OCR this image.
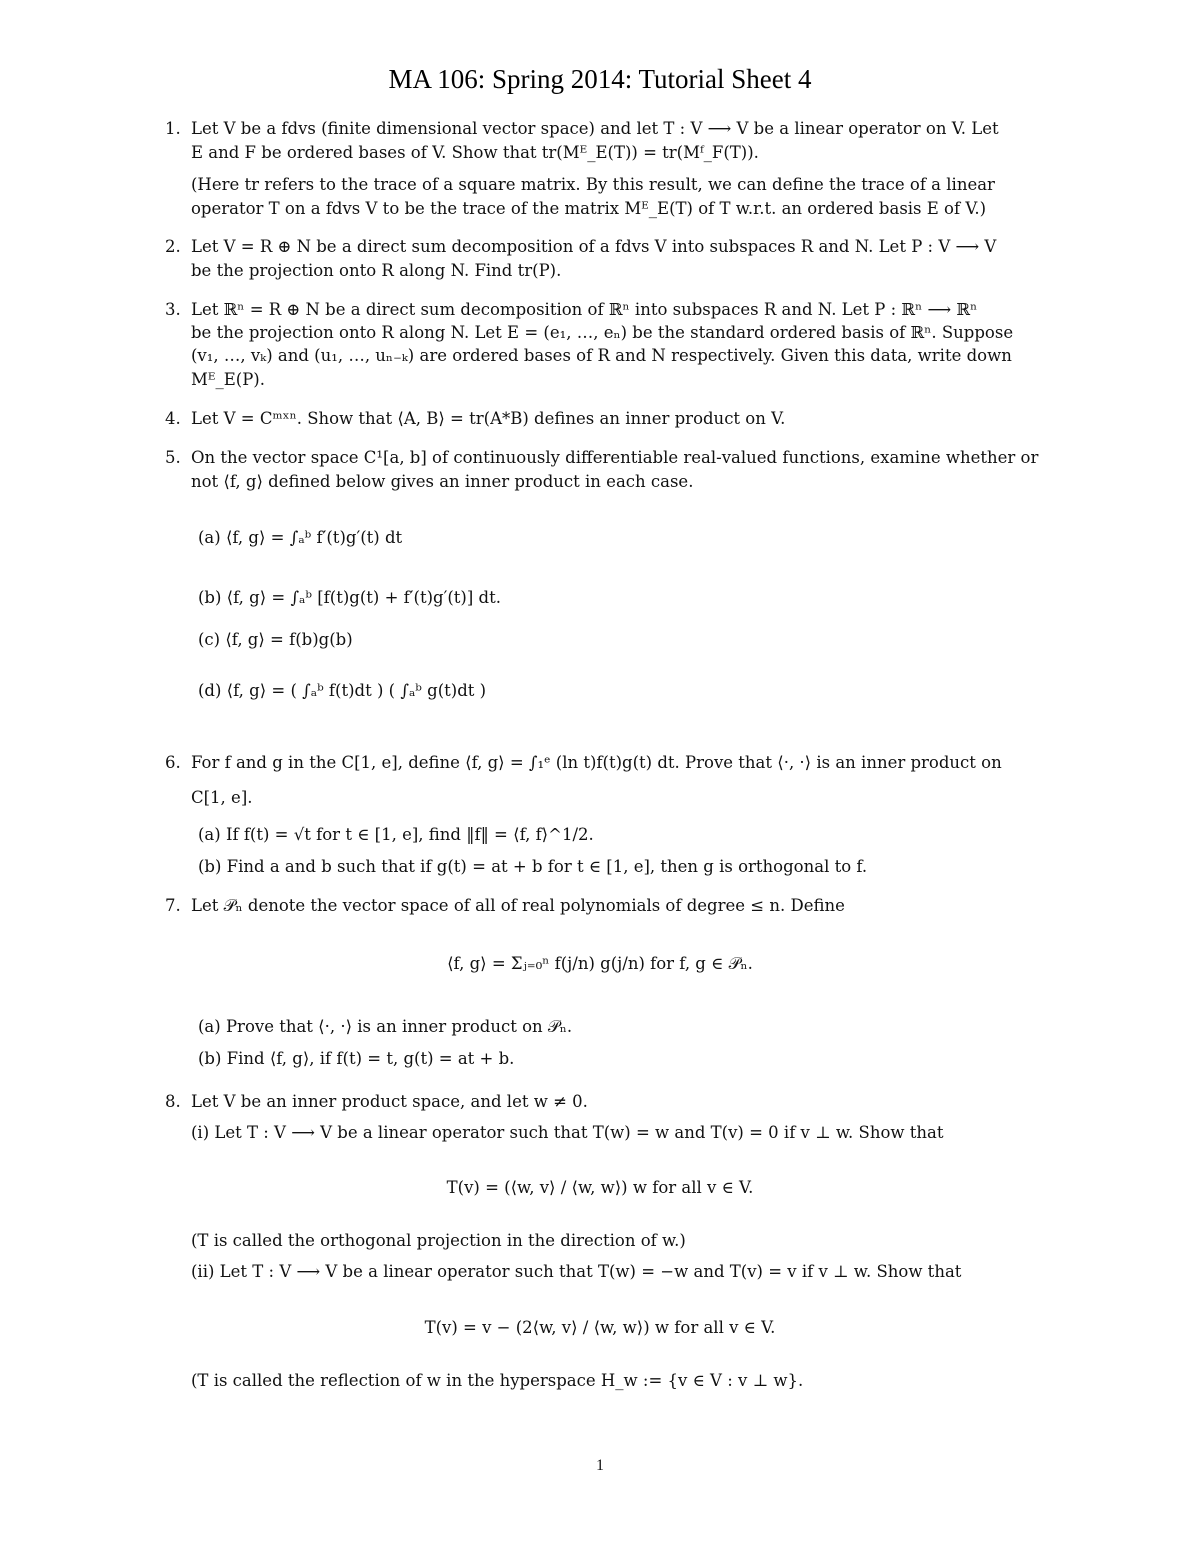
MA 106: Spring 2014: Tutorial Sheet 4
1. Let V be a fdvs (finite dimensional vector space) and let T : V ⟶ V be a linear operator on V. Let
E and F be ordered bases of V. Show that tr(Mᴱ_E(T)) = tr(Mᶠ_F(T)).
(Here tr refers to the trace of a square matrix. By this result, we can define the trace of a linear
operator T on a fdvs V to be the trace of the matrix Mᴱ_E(T) of T w.r.t. an ordered basis E of V.)
2. Let V = R ⊕ N be a direct sum decomposition of a fdvs V into subspaces R and N. Let P : V ⟶ V
be the projection onto R along N. Find tr(P).
3. Let ℝⁿ = R ⊕ N be a direct sum decomposition of ℝⁿ into subspaces R and N. Let P : ℝⁿ ⟶ ℝⁿ
be the projection onto R along N. Let E = (e₁, …, eₙ) be the standard ordered basis of ℝⁿ. Suppose
(v₁, …, vₖ) and (u₁, …, uₙ₋ₖ) are ordered bases of R and N respectively. Given this data, write down
Mᴱ_E(P).
4. Let V = Cᵐˣⁿ. Show that ⟨A, B⟩ = tr(A*B) defines an inner product on V.
5. On the vector space C¹[a, b] of continuously differentiable real-valued functions, examine whether or
not ⟨f, g⟩ defined below gives an inner product in each case.
(a) ⟨f, g⟩ = ∫ₐᵇ f′(t)g′(t) dt
(b) ⟨f, g⟩ = ∫ₐᵇ [f(t)g(t) + f′(t)g′(t)] dt.
(c) ⟨f, g⟩ = f(b)g(b)
(d) ⟨f, g⟩ = ( ∫ₐᵇ f(t)dt ) ( ∫ₐᵇ g(t)dt )
6. For f and g in the C[1, e], define ⟨f, g⟩ = ∫₁ᵉ (ln t)f(t)g(t) dt. Prove that ⟨·, ·⟩ is an inner product on
C[1, e].
(a) If f(t) = √t for t ∈ [1, e], find ‖f‖ = ⟨f, f⟩^1/2.
(b) Find a and b such that if g(t) = at + b for t ∈ [1, e], then g is orthogonal to f.
7. Let 𝒫ₙ denote the vector space of all of real polynomials of degree ≤ n. Define
⟨f, g⟩ = Σⱼ₌₀ⁿ f(j/n) g(j/n) for f, g ∈ 𝒫ₙ.
(a) Prove that ⟨·, ·⟩ is an inner product on 𝒫ₙ.
(b) Find ⟨f, g⟩, if f(t) = t, g(t) = at + b.
8. Let V be an inner product space, and let w ≠ 0.
(i) Let T : V ⟶ V be a linear operator such that T(w) = w and T(v) = 0 if v ⊥ w. Show that
T(v) = (⟨w, v⟩ / ⟨w, w⟩) w for all v ∈ V.
(T is called the orthogonal projection in the direction of w.)
(ii) Let T : V ⟶ V be a linear operator such that T(w) = −w and T(v) = v if v ⊥ w. Show that
T(v) = v − (2⟨w, v⟩ / ⟨w, w⟩) w for all v ∈ V.
(T is called the reflection of w in the hyperspace H_w := {v ∈ V : v ⊥ w}.
1
